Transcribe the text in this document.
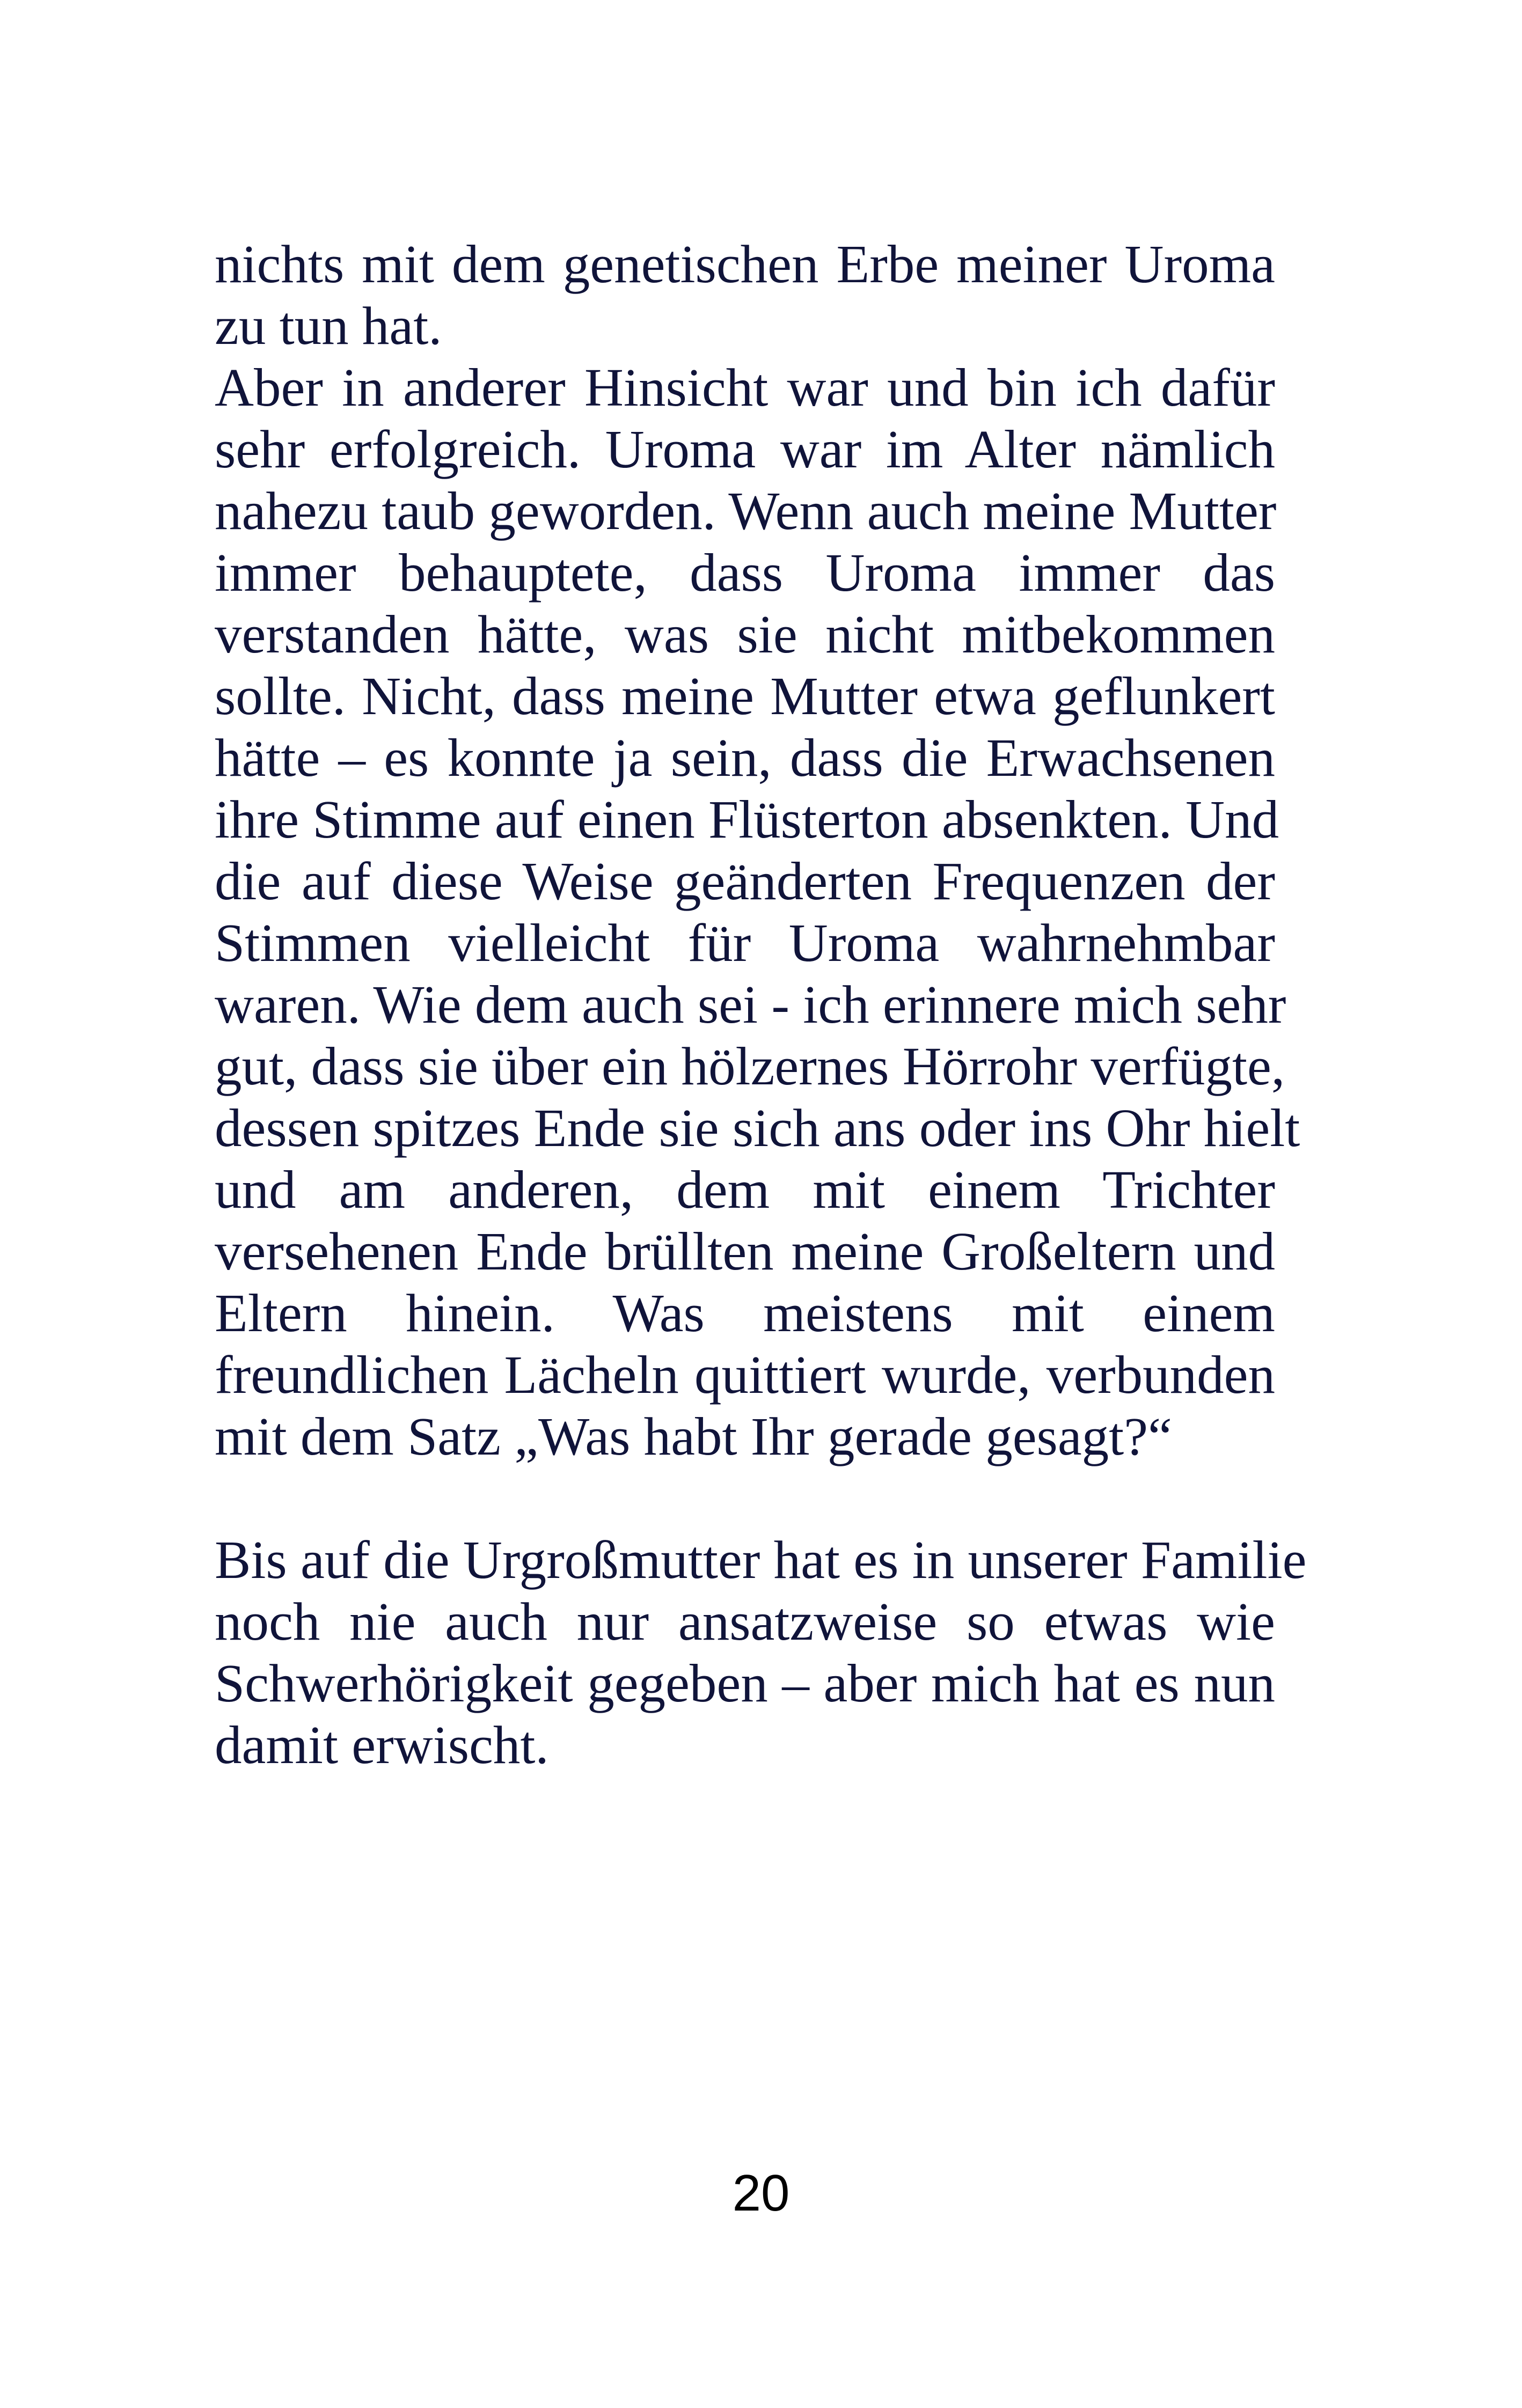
nichts mit dem genetischen Erbe meiner Uroma
zu tun hat.
Aber in anderer Hinsicht war und bin ich dafür
sehr erfolgreich. Uroma war im Alter nämlich
nahezu taub geworden. Wenn auch meine Mutter
immer behauptete, dass Uroma immer das
verstanden hätte, was sie nicht mitbekommen
sollte. Nicht, dass meine Mutter etwa geflunkert
hätte – es konnte ja sein, dass die Erwachsenen
ihre Stimme auf einen Flüsterton absenkten. Und
die auf diese Weise geänderten Frequenzen der
Stimmen vielleicht für Uroma wahrnehmbar
waren. Wie dem auch sei - ich erinnere mich sehr
gut, dass sie über ein hölzernes Hörrohr verfügte,
dessen spitzes Ende sie sich ans oder ins Ohr hielt
und am anderen, dem mit einem Trichter
versehenen Ende brüllten meine Großeltern und
Eltern hinein. Was meistens mit einem
freundlichen Lächeln quittiert wurde, verbunden
mit dem Satz „Was habt Ihr gerade gesagt?“
Bis auf die Urgroßmutter hat es in unserer Familie
noch nie auch nur ansatzweise so etwas wie
Schwerhörigkeit gegeben – aber mich hat es nun
damit erwischt.
20
